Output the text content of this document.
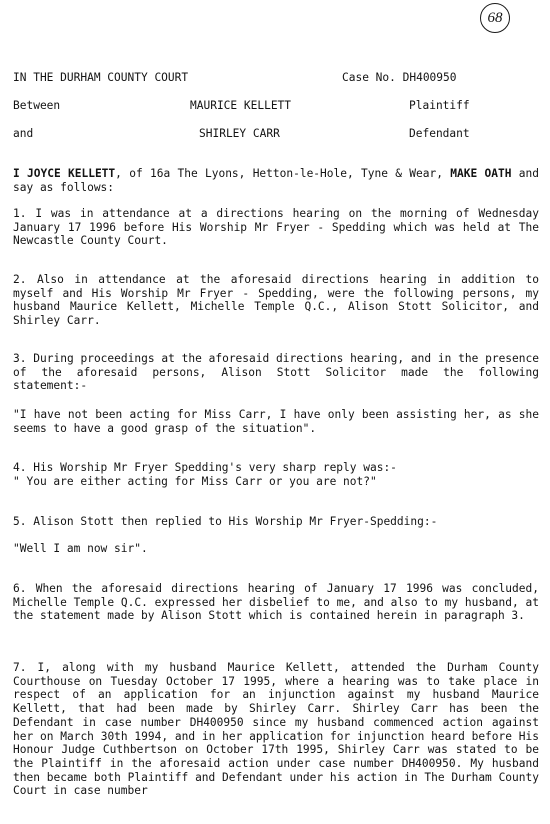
68
IN THE DURHAM COUNTY COURT	Case No. DH400950
Between	MAURICE KELLETT	Plaintiff
and	SHIRLEY CARR	Defendant
I JOYCE KELLETT, of 16a The Lyons, Hetton-le-Hole, Tyne & Wear, MAKE OATH and say as follows:
1. I was in attendance at a directions hearing on the morning of Wednesday January 17 1996 before His Worship Mr Fryer - Spedding which was held at The Newcastle County Court.
2. Also in attendance at the aforesaid directions hearing in addition to myself and His Worship Mr Fryer - Spedding, were the following persons, my husband Maurice Kellett, Michelle Temple Q.C., Alison Stott Solicitor, and Shirley Carr.
3. During proceedings at the aforesaid directions hearing, and in the presence of the aforesaid persons, Alison Stott Solicitor made the following statement:-
"I have not been acting for Miss Carr, I have only been assisting her, as she seems to have a good grasp of the situation".
4. His Worship Mr Fryer Spedding's very sharp reply was:-
" You are either acting for Miss Carr or you are not?"
5. Alison Stott then replied to His Worship Mr Fryer-Spedding:-
"Well I am now sir".
6. When the aforesaid directions hearing of January 17 1996 was concluded, Michelle Temple Q.C. expressed her disbelief to me, and also to my husband, at the statement made by Alison Stott which is contained herein in paragraph 3.
7. I, along with my husband Maurice Kellett, attended the Durham County Courthouse on Tuesday October 17 1995, where a hearing was to take place in respect of an application for an injunction against my husband Maurice Kellett, that had been made by Shirley Carr. Shirley Carr has been the Defendant in case number DH400950 since my husband commenced action against her on March 30th 1994, and in her application for injunction heard before His Honour Judge Cuthbertson on October 17th 1995, Shirley Carr was stated to be the Plaintiff in the aforesaid action under case number DH400950. My husband then became both Plaintiff and Defendant under his action in The Durham County Court in case number
